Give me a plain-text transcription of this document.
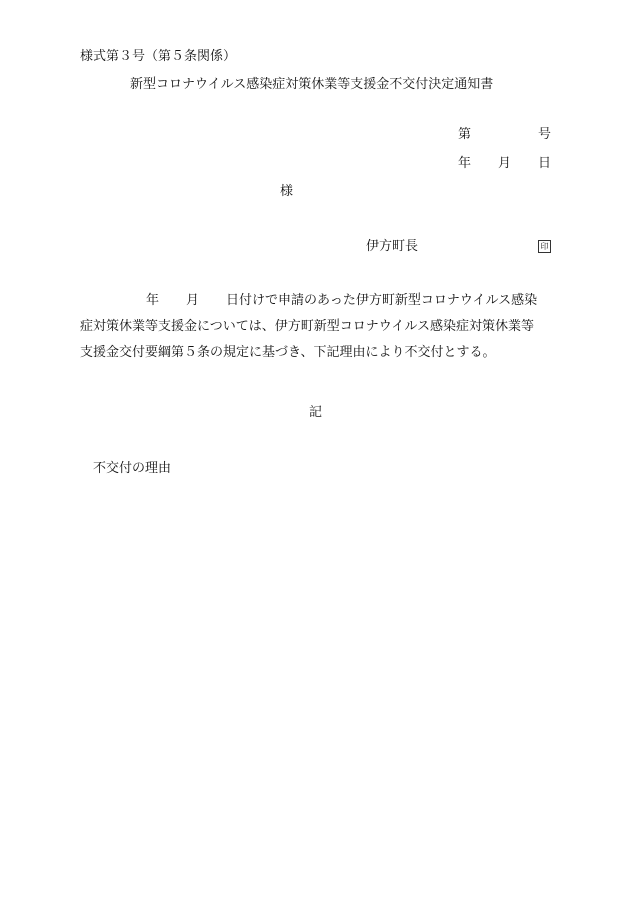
様式第３号（第５条関係）
新型コロナウイルス感染症対策休業等支援金不交付決定通知書
第	号
年 月 日
様
伊方町長	印
年 月 日付けで申請のあった伊方町新型コロナウイルス感染
症対策休業等支援金については、伊方町新型コロナウイルス感染症対策休業等
支援金交付要綱第５条の規定に基づき、下記理由により不交付とする。
記
不交付の理由
